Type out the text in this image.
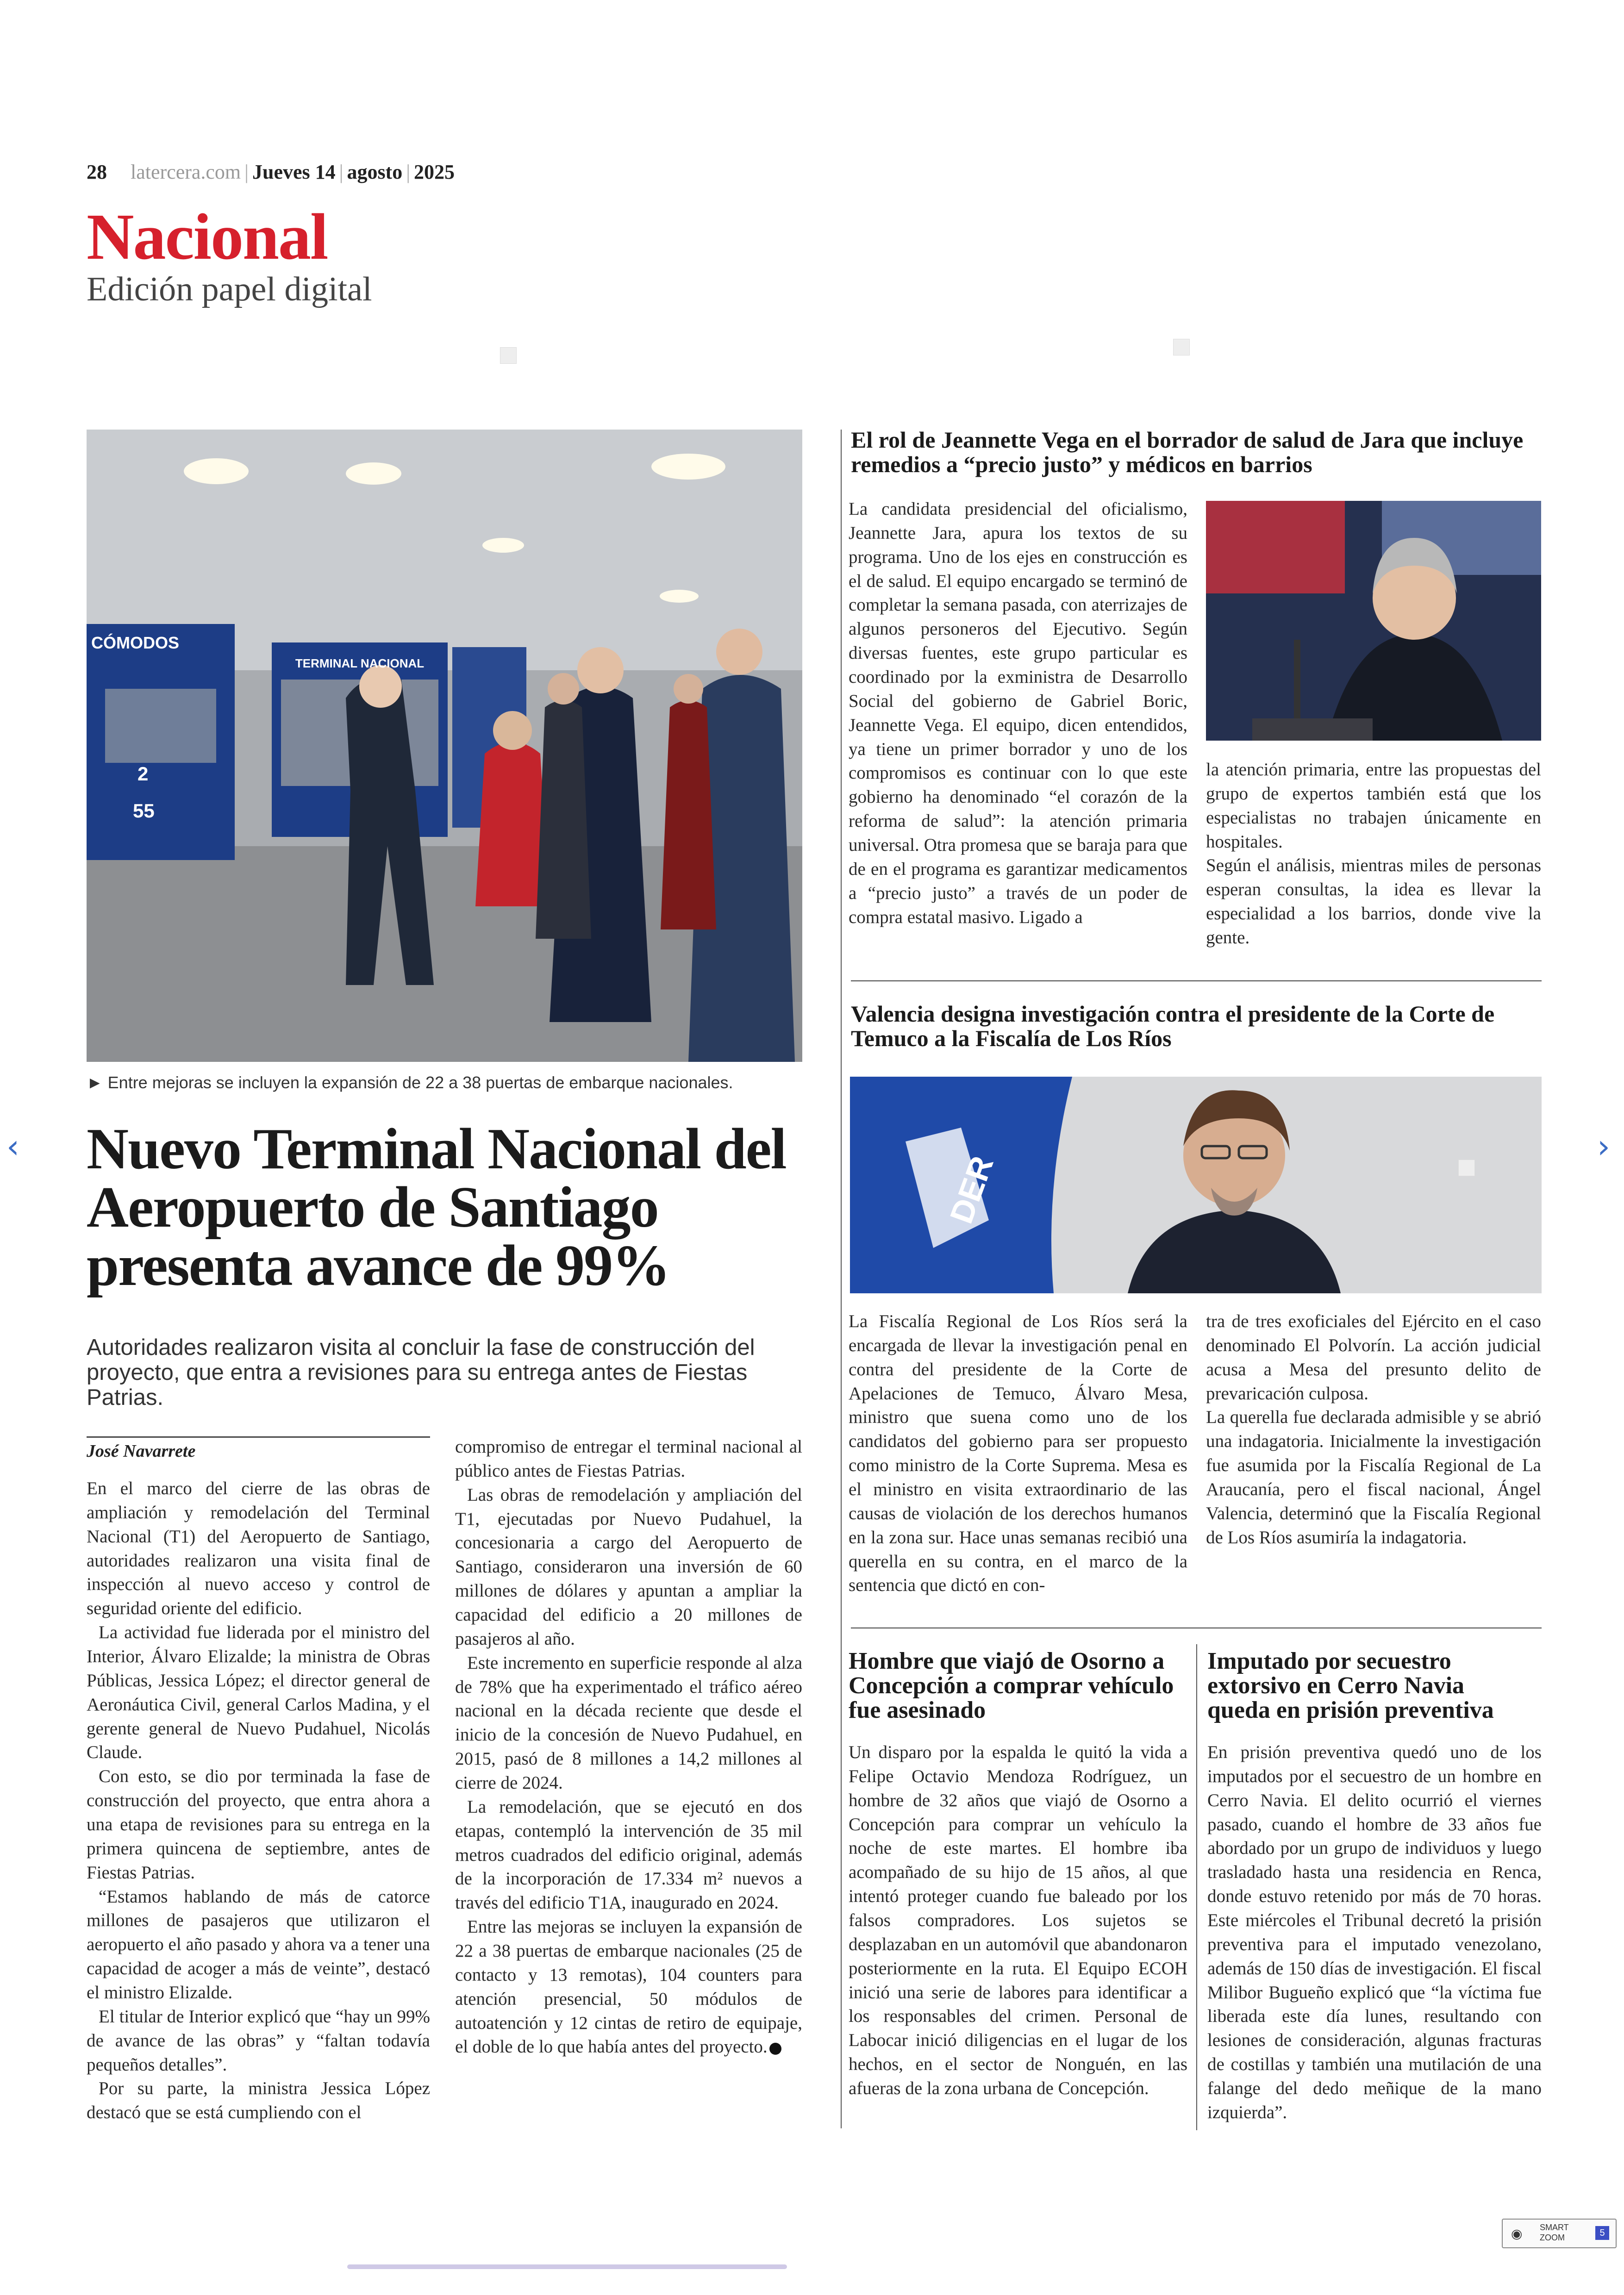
28 latercera.com | Jueves 14 | agosto | 2025
Nacional
Edición papel digital
CÓMODOS
TERMINAL NACIONAL
2
55
► Entre mejoras se incluyen la expansión de 22 a 38 puertas de embarque nacionales.
Nuevo Terminal Nacional del Aeropuerto de Santiago presenta avance de 99%
Autoridades realizaron visita al concluir la fase de construcción del proyecto, que entra a revisiones para su entrega antes de Fiestas Patrias.
José Navarrete

En el marco del cierre de las obras de ampliación y remodelación del Terminal Nacional (T1) del Aeropuerto de Santiago, autoridades realizaron una visita final de inspección al nuevo acceso y control de seguridad oriente del edificio.

La actividad fue liderada por el ministro del Interior, Álvaro Elizalde; la ministra de Obras Públicas, Jessica López; el director general de Aeronáutica Civil, general Carlos Madina, y el gerente general de Nuevo Pudahuel, Nicolás Claude.

Con esto, se dio por terminada la fase de construcción del proyecto, que entra ahora a una etapa de revisiones para su entrega en la primera quincena de septiembre, antes de Fiestas Patrias.

“Estamos hablando de más de catorce millones de pasajeros que utilizaron el aeropuerto el año pasado y ahora va a tener una capacidad de acoger a más de veinte”, destacó el ministro Elizalde.

El titular de Interior explicó que “hay un 99% de avance de las obras” y “faltan todavía pequeños detalles”.

Por su parte, la ministra Jessica López destacó que se está cumpliendo con el

compromiso de entregar el terminal nacional al público antes de Fiestas Patrias.

Las obras de remodelación y ampliación del T1, ejecutadas por Nuevo Pudahuel, la concesionaria a cargo del Aeropuerto de Santiago, consideraron una inversión de 60 millones de dólares y apuntan a ampliar la capacidad del edificio a 20 millones de pasajeros al año.

Este incremento en superficie responde al alza de 78% que ha experimentado el tráfico aéreo nacional en la década reciente que desde el inicio de la concesión de Nuevo Pudahuel, en 2015, pasó de 8 millones a 14,2 millones al cierre de 2024.

La remodelación, que se ejecutó en dos etapas, contempló la intervención de 35 mil metros cuadrados del edificio original, además de la incorporación de 17.334 m² nuevos a través del edificio T1A, inaugurado en 2024.

Entre las mejoras se incluyen la expansión de 22 a 38 puertas de embarque nacionales (25 de contacto y 13 remotas), 104 counters para atención presencial, 50 módulos de autoatención y 12 cintas de retiro de equipaje, el doble de lo que había antes del proyecto.

El rol de Jeannette Vega en el borrador de salud de Jara que incluye remedios a “precio justo” y médicos en barrios

La candidata presidencial del oficialismo, Jeannette Jara, apura los textos de su programa. Uno de los ejes en construcción es el de salud. El equipo encargado se terminó de completar la semana pasada, con aterrizajes de algunos personeros del Ejecutivo. Según diversas fuentes, este grupo particular es coordinado por la exministra de Desarrollo Social del gobierno de Gabriel Boric, Jeannette Vega. El equipo, dicen entendidos, ya tiene un primer borrador y uno de los compromisos es continuar con lo que este gobierno ha denominado “el corazón de la reforma de salud”: la atención primaria universal. Otra promesa que se baraja para que de en el programa es garantizar medicamentos a “precio justo” a través de un poder de compra estatal masivo. Ligado a

la atención primaria, entre las propuestas del grupo de expertos también está que los especialistas no trabajen únicamente en hospitales.

Según el análisis, mientras miles de personas esperan consultas, la idea es llevar la especialidad a los barrios, donde vive la gente.

Valencia designa investigación contra el presidente de la Corte de Temuco a la Fiscalía de Los Ríos
DER

La Fiscalía Regional de Los Ríos será la encargada de llevar la investigación penal en contra del presidente de la Corte de Apelaciones de Temuco, Álvaro Mesa, ministro que suena como uno de los candidatos del gobierno para ser propuesto como ministro de la Corte Suprema. Mesa es el ministro en visita extraordinario de las causas de violación de los derechos humanos en la zona sur. Hace unas semanas recibió una querella en su contra, en el marco de la sentencia que dictó en con-

tra de tres exoficiales del Ejército en el caso denominado El Polvorín. La acción judicial acusa a Mesa del presunto delito de prevaricación culposa.

La querella fue declarada admisible y se abrió una indagatoria. Inicialmente la investigación fue asumida por la Fiscalía Regional de La Araucanía, pero el fiscal nacional, Ángel Valencia, determinó que la Fiscalía Regional de Los Ríos asumiría la indagatoria.

Hombre que viajó de Osorno a Concepción a comprar vehículo fue asesinado

Un disparo por la espalda le quitó la vida a Felipe Octavio Mendoza Rodríguez, un hombre de 32 años que viajó de Osorno a Concepción para comprar un vehículo la noche de este martes. El hombre iba acompañado de su hijo de 15 años, al que intentó proteger cuando fue baleado por los falsos compradores. Los sujetos se desplazaban en un automóvil que abandonaron posteriormente en la ruta. El Equipo ECOH inició una serie de labores para identificar a los responsables del crimen. Personal de Labocar inició diligencias en el lugar de los hechos, en el sector de Nonguén, en las afueras de la zona urbana de Concepción.

Imputado por secuestro extorsivo en Cerro Navia queda en prisión preventiva

En prisión preventiva quedó uno de los imputados por el secuestro de un hombre en Cerro Navia. El delito ocurrió el viernes pasado, cuando el hombre de 33 años fue abordado por un grupo de individuos y luego trasladado hasta una residencia en Renca, donde estuvo retenido por más de 70 horas. Este miércoles el Tribunal decretó la prisión preventiva para el imputado venezolano, además de 150 días de investigación. El fiscal Milibor Bugueño explicó que “la víctima fue liberada este día lunes, resultando con lesiones de consideración, algunas fracturas de costillas y también una mutilación de una falange del dedo meñique de la mano izquierda”.

‹	›
◉ SMART
ZOOM	5
